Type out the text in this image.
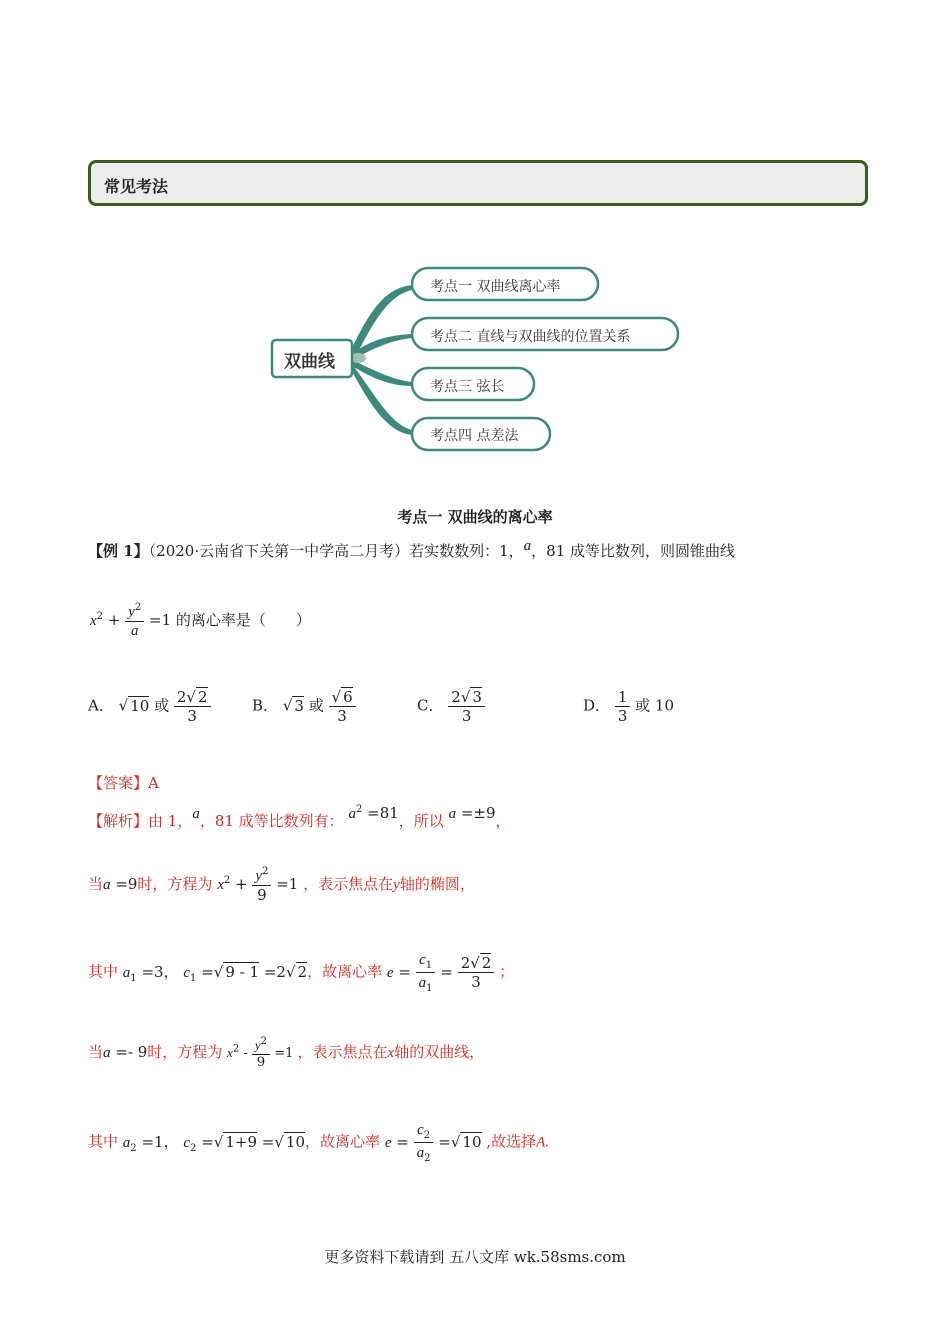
常见考法
双曲线
考点一 双曲线离心率
考点二 直线与双曲线的位置关系
考点三 弦长
考点四 点差法
考点一 双曲线的离心率
【例 1】（2020·云南省下关第一中学高二月考）若实数数列：1，a，81 成等比数列，则圆锥曲线
$x^2 + \frac{y^2}{a} =1$ 的离心率是（　　）
A． √ 10 或 $\frac{2√ 2}{3}$	B． √ 3 或 $\frac{√ 6}{3}$	C． $\frac{2√ 3}{3}$	D． $\frac{1}{3}$ 或 10
【答案】A
【解析】由 1，a，81 成等比数列有： $a^2 =81$，所以 a =±9，
当a =9时，方程为 $x^2 + \frac{y^2}{9} =1$ ，表示焦点在y轴的椭圆，
其中 $a_1 =3$， $c_1$ =√ 9 - 1 =2√ 2，故离心率 $e = \frac{c_1}{a_1} = \frac{2√ 2}{3}$ ；
当a =- 9时，方程为 $x^2 - \frac{y^2}{9} =1$ ，表示焦点在x轴的双曲线，
其中 $a_2 =1$， $c_2$ =√ 1+9 =√ 10，故离心率 $e = \frac{c_2}{a_2}$ =√ 10 ,故选择A.
更多资料下载请到 五八文库 wk.58sms.com
